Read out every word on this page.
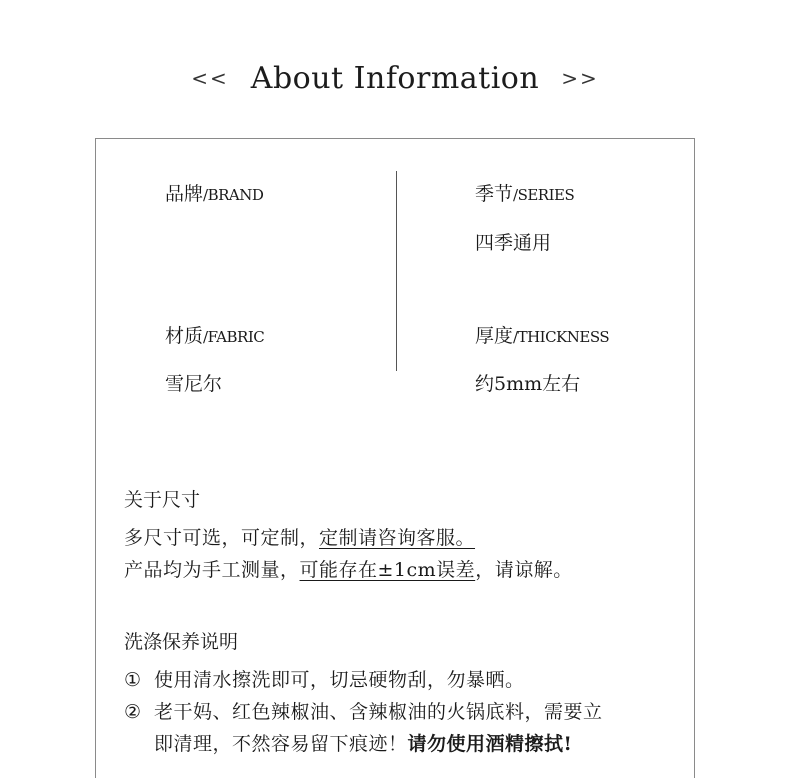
<< About Information >>
品牌/BRAND	季节/SERIES
四季通用
材质/FABRIC
雪尼尔
厚度/THICKNESS
约5mm左右
关于尺寸
多尺寸可选，可定制，定制请咨询客服。
产品均为手工测量，可能存在±1cm误差，请谅解。
洗涤保养说明
① 使用清水擦洗即可，切忌硬物刮，勿暴晒。
② 老干妈、红色辣椒油、含辣椒油的火锅底料，需要立
即清理，不然容易留下痕迹！请勿使用酒精擦拭!
